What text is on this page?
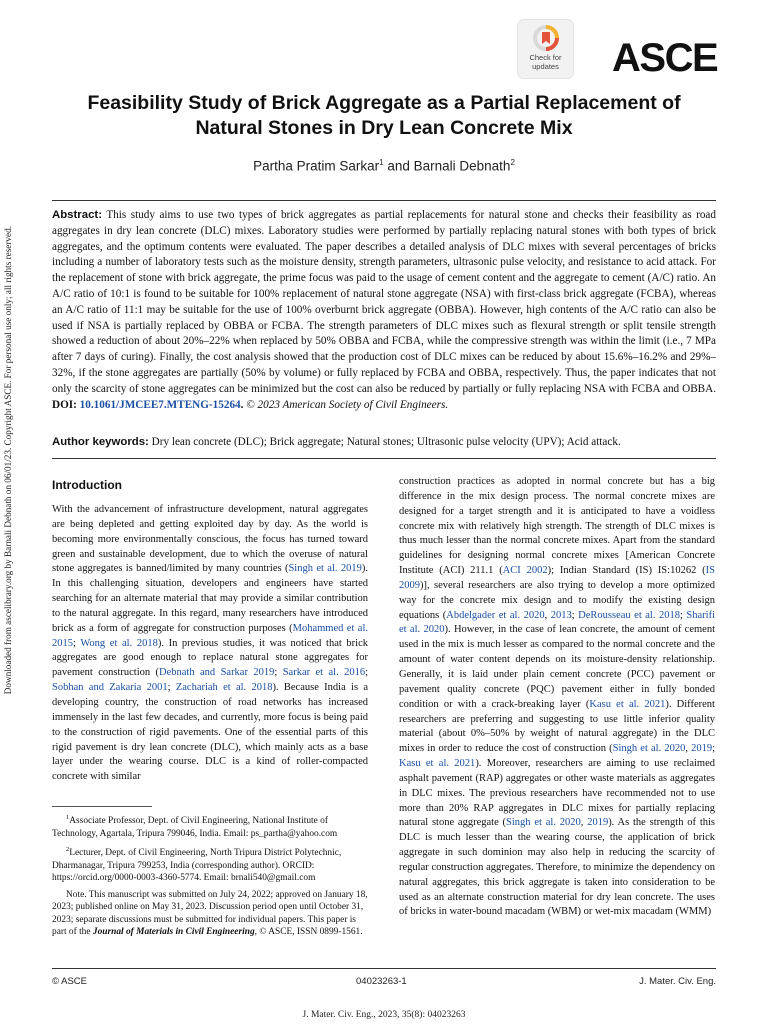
Downloaded from ascelibrary.org by Barnali Debnath on 06/01/23. Copyright ASCE. For personal use only; all rights reserved.
Check for updates ASCE
Feasibility Study of Brick Aggregate as a Partial Replacement of Natural Stones in Dry Lean Concrete Mix
Partha Pratim Sarkar$^1$ and Barnali Debnath$^2$
Abstract: This study aims to use two types of brick aggregates as partial replacements for natural stone and checks their feasibility as road aggregates in dry lean concrete (DLC) mixes. Laboratory studies were performed by partially replacing natural stones with both types of brick aggregates, and the optimum contents were evaluated. The paper describes a detailed analysis of DLC mixes with several percentages of bricks including a number of laboratory tests such as the moisture density, strength parameters, ultrasonic pulse velocity, and resistance to acid attack. For the replacement of stone with brick aggregate, the prime focus was paid to the usage of cement content and the aggregate to cement (A/C) ratio. An A/C ratio of 10:1 is found to be suitable for 100% replacement of natural stone aggregate (NSA) with first-class brick aggregate (FCBA), whereas an A/C ratio of 11:1 may be suitable for the use of 100% overburnt brick aggregate (OBBA). However, high contents of the A/C ratio can also be used if NSA is partially replaced by OBBA or FCBA. The strength parameters of DLC mixes such as flexural strength or split tensile strength showed a reduction of about 20%–22% when replaced by 50% OBBA and FCBA, while the compressive strength was within the limit (i.e., 7 MPa after 7 days of curing). Finally, the cost analysis showed that the production cost of DLC mixes can be reduced by about 15.6%–16.2% and 29%–32%, if the stone aggregates are partially (50% by volume) or fully replaced by FCBA and OBBA, respectively. Thus, the paper indicates that not only the scarcity of stone aggregates can be minimized but the cost can also be reduced by partially or fully replacing NSA with FCBA and OBBA. DOI: 10.1061/JMCEE7.MTENG-15264. © 2023 American Society of Civil Engineers.
Author keywords: Dry lean concrete (DLC); Brick aggregate; Natural stones; Ultrasonic pulse velocity (UPV); Acid attack.
Introduction

With the advancement of infrastructure development, natural aggregates are being depleted and getting exploited day by day. As the world is becoming more environmentally conscious, the focus has turned toward green and sustainable development, due to which the overuse of natural stone aggregates is banned/limited by many countries (Singh et al. 2019). In this challenging situation, developers and engineers have started searching for an alternate material that may provide a similar contribution to the natural aggregate. In this regard, many researchers have introduced brick as a form of aggregate for construction purposes (Mohammed et al. 2015; Wong et al. 2018). In previous studies, it was noticed that brick aggregates are good enough to replace natural stone aggregates for pavement construction (Debnath and Sarkar 2019; Sarkar et al. 2016; Sobhan and Zakaria 2001; Zachariah et al. 2018). Because India is a developing country, the construction of road networks has increased immensely in the last few decades, and currently, more focus is being paid to the construction of rigid pavements. One of the essential parts of this rigid pavement is dry lean concrete (DLC), which mainly acts as a base layer under the wearing course. DLC is a kind of roller-compacted concrete with similar

construction practices as adopted in normal concrete but has a big difference in the mix design process. The normal concrete mixes are designed for a target strength and it is anticipated to have a voidless concrete mix with relatively high strength. The strength of DLC mixes is thus much lesser than the normal concrete mixes. Apart from the standard guidelines for designing normal concrete mixes [American Concrete Institute (ACI) 211.1 (ACI 2002); Indian Standard (IS) IS:10262 (IS 2009)], several researchers are also trying to develop a more optimized way for the concrete mix design and to modify the existing design equations (Abdelgader et al. 2020, 2013; DeRousseau et al. 2018; Sharifi et al. 2020). However, in the case of lean concrete, the amount of cement used in the mix is much lesser as compared to the normal concrete and the amount of water content depends on its moisture-density relationship. Generally, it is laid under plain cement concrete (PCC) pavement or pavement quality concrete (PQC) pavement either in fully bonded condition or with a crack-breaking layer (Kasu et al. 2021). Different researchers are preferring and suggesting to use little inferior quality material (about 0%–50% by weight of natural aggregate) in the DLC mixes in order to reduce the cost of construction (Singh et al. 2020, 2019; Kasu et al. 2021). Moreover, researchers are aiming to use reclaimed asphalt pavement (RAP) aggregates or other waste materials as aggregates in DLC mixes. The previous researchers have recommended not to use more than 20% RAP aggregates in DLC mixes for partially replacing natural stone aggregate (Singh et al. 2020, 2019). As the strength of this DLC is much lesser than the wearing course, the application of brick aggregate in such dominion may also help in reducing the scarcity of regular construction aggregates. Therefore, to minimize the dependency on natural aggregates, this brick aggregate is taken into consideration to be used as an alternate construction material for dry lean concrete. The uses of bricks in water-bound macadam (WBM) or wet-mix macadam (WMM)

$^1$Associate Professor, Dept. of Civil Engineering, National Institute of Technology, Agartala, Tripura 799046, India. Email: ps_partha@yahoo.com

$^2$Lecturer, Dept. of Civil Engineering, North Tripura District Polytechnic, Dharmanagar, Tripura 799253, India (corresponding author). ORCID: https://orcid.org/0000-0003-4360-5774. Email: brnali540@gmail.com

Note. This manuscript was submitted on July 24, 2022; approved on January 18, 2023; published online on May 31, 2023. Discussion period open until October 31, 2023; separate discussions must be submitted for individual papers. This paper is part of the Journal of Materials in Civil Engineering, © ASCE, ISSN 0899-1561.

© ASCE	04023263-1	J. Mater. Civ. Eng.
J. Mater. Civ. Eng., 2023, 35(8): 04023263
